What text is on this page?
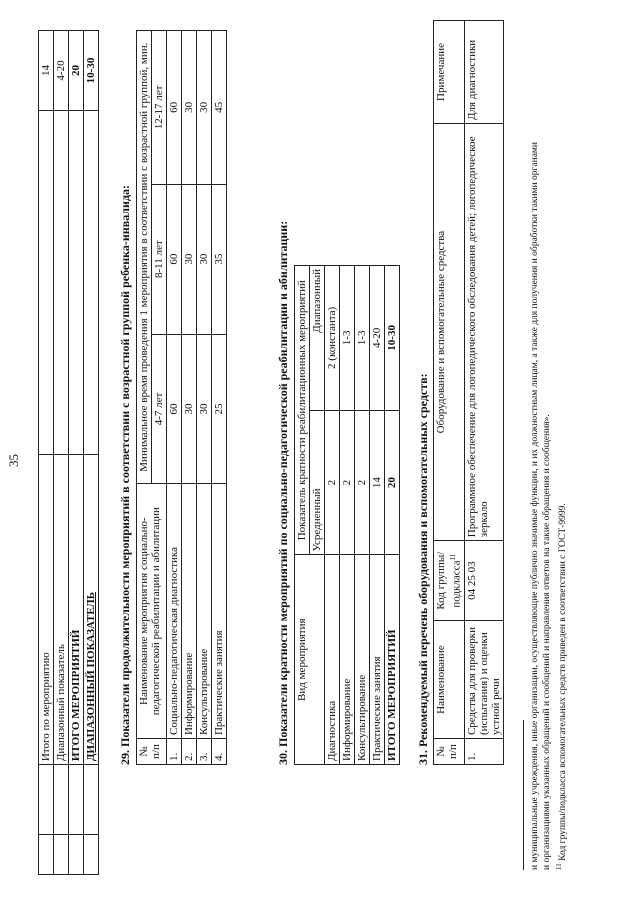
35
		Итого по мероприятию		14
		Диапазонный показатель		4-20
		ИТОГО МЕРОПРИЯТИЙ		20
		ДИАПАЗОННЫЙ ПОКАЗАТЕЛЬ		10-30
29. Показатели продолжительности мероприятий в соответствии с возрастной группой ребенка-инвалида: № п/п	Наименование мероприятия социально-педагогической реабилитации и абилитации	Минимальное время проведения 1 мероприятия в соответствии с возрастной группой, мин.		
		4-7 лет	8-11 лет	12-17 лет
1.	Социально-педагогическая диагностика	60	60	60
2.	Информирование	30	30	30
3.	Консультирование	30	30	30
4.	Практические занятия	25	35	45
30. Показатели кратности мероприятий по социально-педагогической реабилитации и абилитации: Вид мероприятия	Показатель кратности реабилитационных мероприятий	
	Усредненный	Диапазонный
Диагностика	2	2 (константа)
Информирование	2	1-3
Консультирование	2	1-3
Практические занятия	14	4-20
ИТОГО МЕРОПРИЯТИЙ	20	10-30
31. Рекомендуемый перечень оборудования и вспомогательных средств: № п/п	Наименование	Код группы/подкласса$^{11}$	Оборудование и вспомогательные средства	Примечание
1.	Средства для проверки (испытания) и оценки устной речи	04 25 03	Программное обеспечение для логопедического обследования детей; логопедическое зеркало	Для диагностики
и муниципальные учреждения, иные организации, осуществляющие публично значимые функции, и их должностным лицам, а также для получения и обработки такими органами и организациями указанных обращений и сообщений и направления ответов на такие обращения и сообщения». $^{11}$ Код группы/подкласса вспомогательных средств приведен в соответствии с ГОСТ-9999.
